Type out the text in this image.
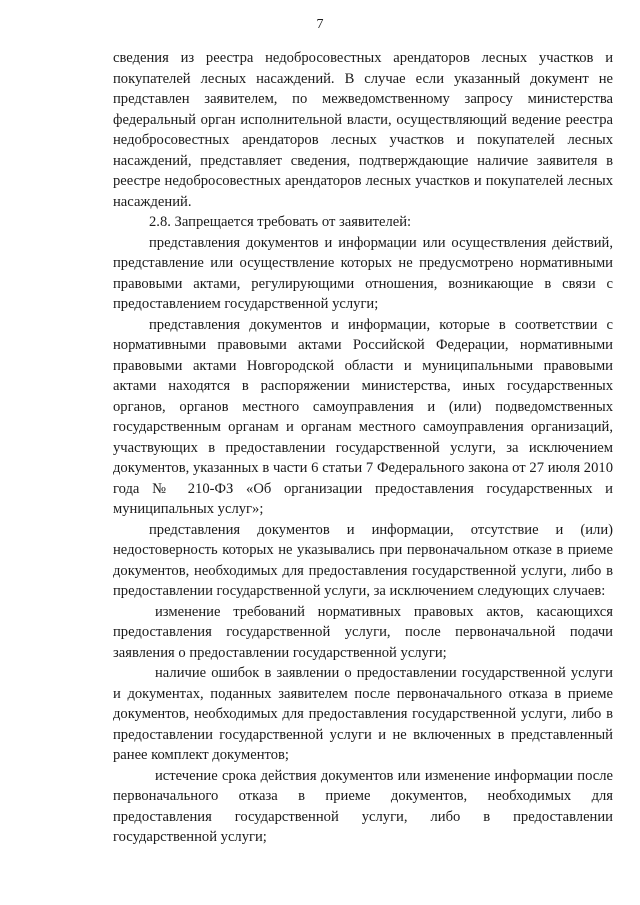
7

сведения из реестра недобросовестных арендаторов лесных участков и покупателей лесных насаждений. В случае если указанный документ не представлен заявителем, по межведомственному запросу министерства федеральный орган исполнительной власти, осуществляющий ведение реестра недобросовестных арендаторов лесных участков и покупателей лесных насаждений, представляет сведения, подтверждающие наличие заявителя в реестре недобросовестных арендаторов лесных участков и покупателей лесных насаждений.

2.8. Запрещается требовать от заявителей:

представления документов и информации или осуществления действий, представление или осуществление которых не предусмотрено нормативными правовыми актами, регулирующими отношения, возникающие в связи с предоставлением государственной услуги;

представления документов и информации, которые в соответствии с нормативными правовыми актами Российской Федерации, нормативными правовыми актами Новгородской области и муниципальными правовыми актами находятся в распоряжении министерства, иных государственных органов, органов местного самоуправления и (или) подведомственных государственным органам и органам местного самоуправления организаций, участвующих в предоставлении государственной услуги, за исключением документов, указанных в части 6 статьи 7 Федерального закона от 27 июля 2010 года № 210-ФЗ «Об организации предоставления государственных и муниципальных услуг»;

представления документов и информации, отсутствие и (или) недостоверность которых не указывались при первоначальном отказе в приеме документов, необходимых для предоставления государственной услуги, либо в предоставлении государственной услуги, за исключением следующих случаев:

изменение требований нормативных правовых актов, касающихся предоставления государственной услуги, после первоначальной подачи заявления о предоставлении государственной услуги;

наличие ошибок в заявлении о предоставлении государственной услуги и документах, поданных заявителем после первоначального отказа в приеме документов, необходимых для предоставления государственной услуги, либо в предоставлении государственной услуги и не включенных в представленный ранее комплект документов;

истечение срока действия документов или изменение информации после первоначального отказа в приеме документов, необходимых для предоставления государственной услуги, либо в предоставлении государственной услуги;
